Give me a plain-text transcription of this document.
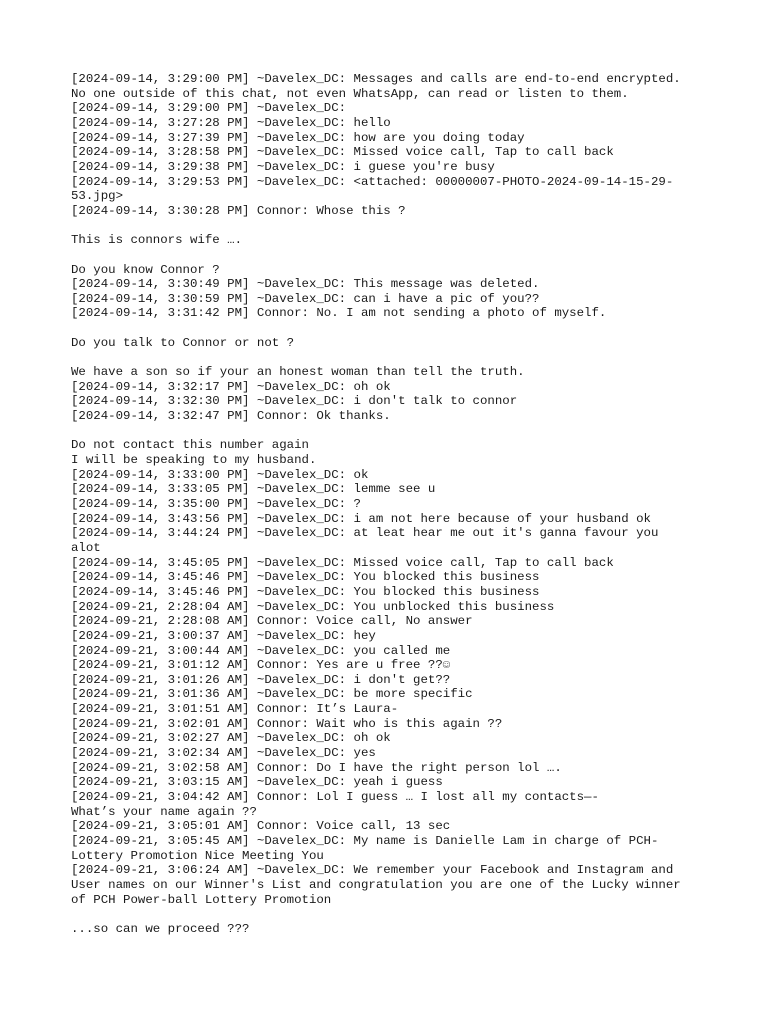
[2024-09-14, 3:29:00 PM] ~Davelex_DC: Messages and calls are end-to-end encrypted.
No one outside of this chat, not even WhatsApp, can read or listen to them.
[2024-09-14, 3:29:00 PM] ~Davelex_DC:
[2024-09-14, 3:27:28 PM] ~Davelex_DC: hello
[2024-09-14, 3:27:39 PM] ~Davelex_DC: how are you doing today
[2024-09-14, 3:28:58 PM] ~Davelex_DC: Missed voice call, Tap to call back
[2024-09-14, 3:29:38 PM] ~Davelex_DC: i guese you're busy
[2024-09-14, 3:29:53 PM] ~Davelex_DC: <attached: 00000007-PHOTO-2024-09-14-15-29-
53.jpg>
[2024-09-14, 3:30:28 PM] Connor: Whose this ?
This is connors wife ….
Do you know Connor ?
[2024-09-14, 3:30:49 PM] ~Davelex_DC: This message was deleted.
[2024-09-14, 3:30:59 PM] ~Davelex_DC: can i have a pic of you??
[2024-09-14, 3:31:42 PM] Connor: No. I am not sending a photo of myself.
Do you talk to Connor or not ?
We have a son so if your an honest woman than tell the truth.
[2024-09-14, 3:32:17 PM] ~Davelex_DC: oh ok
[2024-09-14, 3:32:30 PM] ~Davelex_DC: i don't talk to connor
[2024-09-14, 3:32:47 PM] Connor: Ok thanks.
Do not contact this number again
I will be speaking to my husband.
[2024-09-14, 3:33:00 PM] ~Davelex_DC: ok
[2024-09-14, 3:33:05 PM] ~Davelex_DC: lemme see u
[2024-09-14, 3:35:00 PM] ~Davelex_DC: ?
[2024-09-14, 3:43:56 PM] ~Davelex_DC: i am not here because of your husband ok
[2024-09-14, 3:44:24 PM] ~Davelex_DC: at leat hear me out it's ganna favour you
alot
[2024-09-14, 3:45:05 PM] ~Davelex_DC: Missed voice call, Tap to call back
[2024-09-14, 3:45:46 PM] ~Davelex_DC: You blocked this business
[2024-09-14, 3:45:46 PM] ~Davelex_DC: You blocked this business
[2024-09-21, 2:28:04 AM] ~Davelex_DC: You unblocked this business
[2024-09-21, 2:28:08 AM] Connor: Voice call, No answer
[2024-09-21, 3:00:37 AM] ~Davelex_DC: hey
[2024-09-21, 3:00:44 AM] ~Davelex_DC: you called me
[2024-09-21, 3:01:12 AM] Connor: Yes are u free ??☺
[2024-09-21, 3:01:26 AM] ~Davelex_DC: i don't get??
[2024-09-21, 3:01:36 AM] ~Davelex_DC: be more specific
[2024-09-21, 3:01:51 AM] Connor: It’s Laura-
[2024-09-21, 3:02:01 AM] Connor: Wait who is this again ??
[2024-09-21, 3:02:27 AM] ~Davelex_DC: oh ok
[2024-09-21, 3:02:34 AM] ~Davelex_DC: yes
[2024-09-21, 3:02:58 AM] Connor: Do I have the right person lol ….
[2024-09-21, 3:03:15 AM] ~Davelex_DC: yeah i guess
[2024-09-21, 3:04:42 AM] Connor: Lol I guess … I lost all my contacts—-
What’s your name again ??
[2024-09-21, 3:05:01 AM] Connor: Voice call, 13 sec
[2024-09-21, 3:05:45 AM] ~Davelex_DC: My name is Danielle Lam in charge of PCH-
Lottery Promotion Nice Meeting You
[2024-09-21, 3:06:24 AM] ~Davelex_DC: We remember your Facebook and Instagram and
User names on our Winner's List and congratulation you are one of the Lucky winner
of PCH Power-ball Lottery Promotion
...so can we proceed ???
